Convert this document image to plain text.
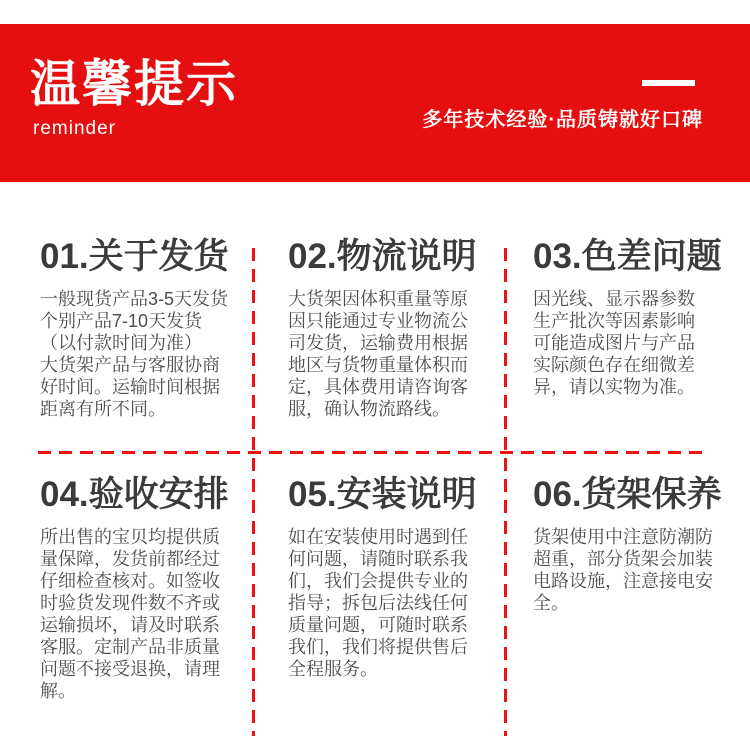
温馨提示
reminder	多年技术经验·品质铸就好口碑
01.关于发货

一般现货产品3-5天发货
个别产品7-10天发货
（以付款时间为准）
大货架产品与客服协商
好时间。运输时间根据
距离有所不同。

02.物流说明

大货架因体积重量等原
因只能通过专业物流公
司发货，运输费用根据
地区与货物重量体积而
定，具体费用请咨询客
服，确认物流路线。

03.色差问题

因光线、显示器参数
生产批次等因素影响
可能造成图片与产品
实际颜色存在细微差
异，请以实物为准。

04.验收安排

所出售的宝贝均提供质
量保障，发货前都经过
仔细检查核对。如签收
时验货发现件数不齐或
运输损坏，请及时联系
客服。定制产品非质量
问题不接受退换，请理
解。

05.安装说明

如在安装使用时遇到任
何问题，请随时联系我
们，我们会提供专业的
指导；拆包后法线任何
质量问题，可随时联系
我们，我们将提供售后
全程服务。

06.货架保养

货架使用中注意防潮防
超重，部分货架会加装
电路设施，注意接电安
全。
